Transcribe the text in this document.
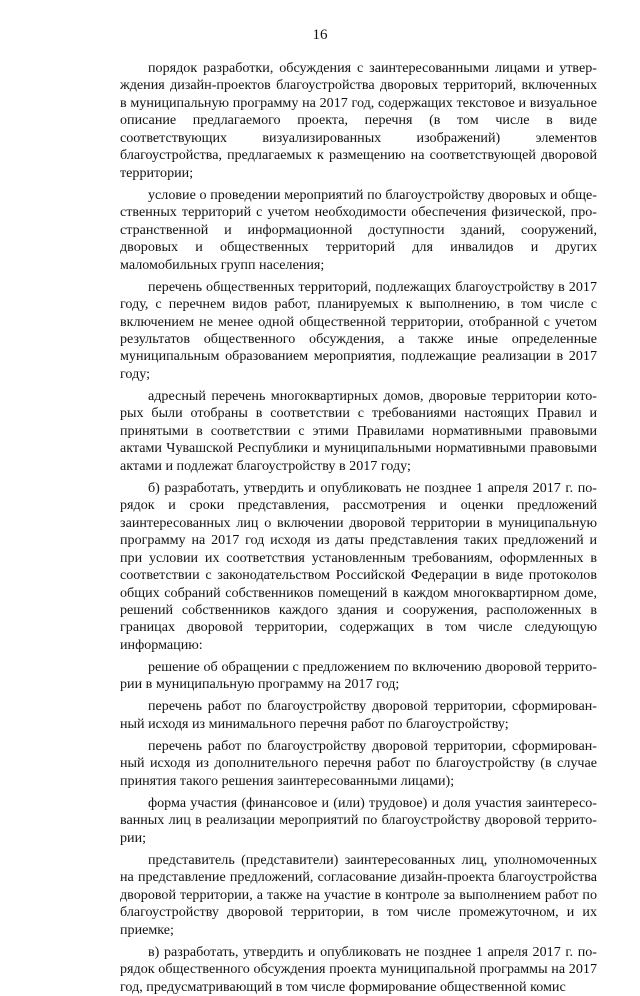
16

порядок разработки, обсуждения с заинтересованными лицами и утверждения дизайн-проектов благоустройства дворовых территорий, включенных в муниципальную программу на 2017 год, содержащих текстовое и визуальное описание предлагаемого проекта, перечня (в том числе в виде соответствующих визуализированных изображений) элементов благоустройства, предлагаемых к размещению на соответствующей дворовой территории;

условие о проведении мероприятий по благоустройству дворовых и общественных территорий с учетом необходимости обеспечения физической, пространственной и информационной доступности зданий, сооружений, дворовых и общественных территорий для инвалидов и других маломобильных групп населения;

перечень общественных территорий, подлежащих благоустройству в 2017 году, с перечнем видов работ, планируемых к выполнению, в том числе с включением не менее одной общественной территории, отобранной с учетом результатов общественного обсуждения, а также иные определенные муниципальным образованием мероприятия, подлежащие реализации в 2017 году;

адресный перечень многоквартирных домов, дворовые территории которых были отобраны в соответствии с требованиями настоящих Правил и принятыми в соответствии с этими Правилами нормативными правовыми актами Чувашской Республики и муниципальными нормативными правовыми актами и подлежат благоустройству в 2017 году;

б) разработать, утвердить и опубликовать не позднее 1 апреля 2017 г. порядок и сроки представления, рассмотрения и оценки предложений заинтересованных лиц о включении дворовой территории в муниципальную программу на 2017 год исходя из даты представления таких предложений и при условии их соответствия установленным требованиям, оформленных в соответствии с законодательством Российской Федерации в виде протоколов общих собраний собственников помещений в каждом многоквартирном доме, решений собственников каждого здания и сооружения, расположенных в границах дворовой территории, содержащих в том числе следующую информацию:

решение об обращении с предложением по включению дворовой территории в муниципальную программу на 2017 год;

перечень работ по благоустройству дворовой территории, сформированный исходя из минимального перечня работ по благоустройству;

перечень работ по благоустройству дворовой территории, сформированный исходя из дополнительного перечня работ по благоустройству (в случае принятия такого решения заинтересованными лицами);

форма участия (финансовое и (или) трудовое) и доля участия заинтересованных лиц в реализации мероприятий по благоустройству дворовой территории;

представитель (представители) заинтересованных лиц, уполномоченных на представление предложений, согласование дизайн-проекта благоустройства дворовой территории, а также на участие в контроле за выполнением работ по благоустройству дворовой территории, в том числе промежуточном, и их приемке;

в) разработать, утвердить и опубликовать не позднее 1 апреля 2017 г. порядок общественного обсуждения проекта муниципальной программы на 2017 год, предусматривающий в том числе формирование общественной комис
